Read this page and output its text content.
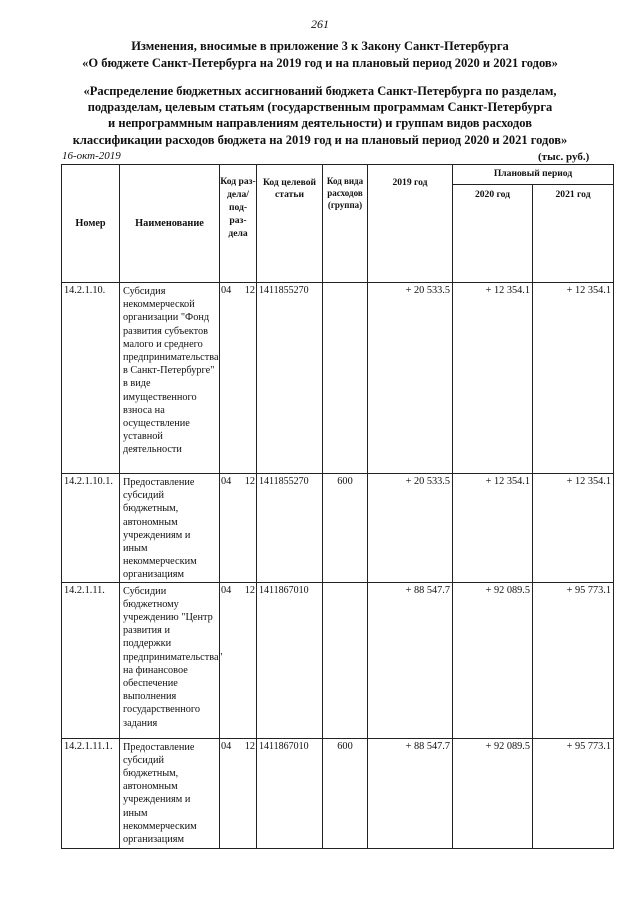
261
Изменения, вносимые в приложение 3 к Закону Санкт-Петербурга
«О бюджете Санкт-Петербурга на 2019 год и на плановый период 2020 и 2021 годов»
«Распределение бюджетных ассигнований бюджета Санкт-Петербурга по разделам,
подразделам, целевым статьям (государственным программам Санкт-Петербурга
и непрограммным направлениям деятельности) и группам видов расходов
классификации расходов бюджета на 2019 год и на плановый период 2020 и 2021 годов»
16-окт-2019	(тыс. руб.)
Номер	Наименование	Код раз- дела/ под- раз- дела	Код целевой статьи	Код вида расходов (группа)	2019 год	Плановый период	
						2020 год	2021 год
14.2.1.10.	Субсидия некоммерческой организации "Фонд развития субъектов малого и среднего предпринимательства в Санкт-Петербурге" в виде имущественного взноса на осуществление уставной деятельности	04 12	1411855270		+ 20 533.5	+ 12 354.1	+ 12 354.1
14.2.1.10.1.	Предоставление субсидий бюджетным, автономным учреждениям и иным некоммерческим организациям	04 12	1411855270	600	+ 20 533.5	+ 12 354.1	+ 12 354.1
14.2.1.11.	Субсидии бюджетному учреждению "Центр развития и поддержки предпринимательства" на финансовое обеспечение выполнения государственного задания	04 12	1411867010		+ 88 547.7	+ 92 089.5	+ 95 773.1
14.2.1.11.1.	Предоставление субсидий бюджетным, автономным учреждениям и иным некоммерческим организациям	04 12	1411867010	600	+ 88 547.7	+ 92 089.5	+ 95 773.1
